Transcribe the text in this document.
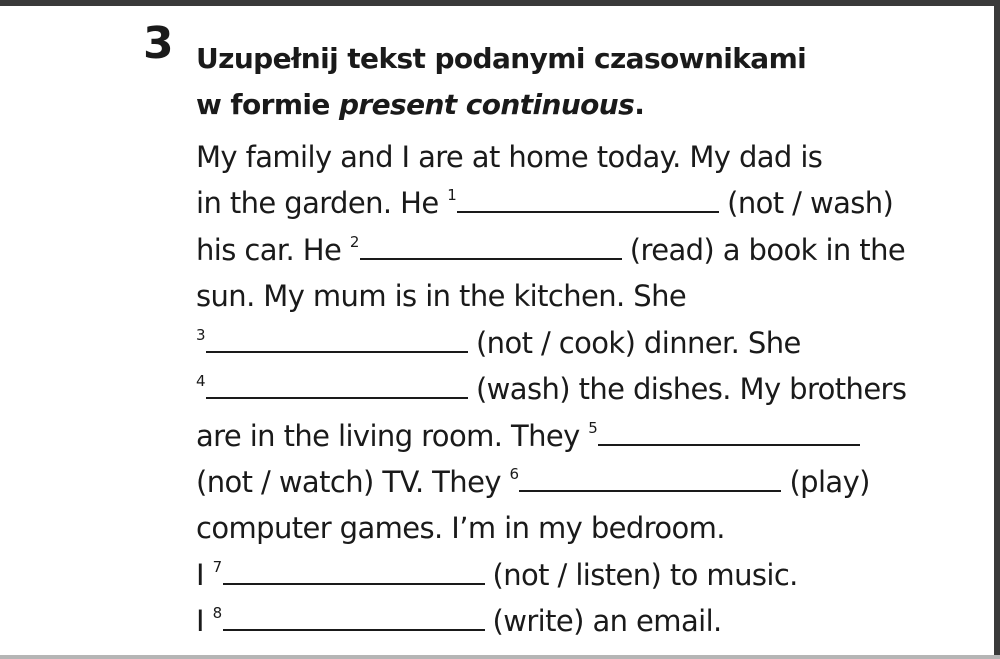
3 Uzupełnij tekst podanymi czasownikami
w formie present continuous.
My family and I are at home today. My dad is
in the garden. He 1	(not / wash)
his car. He 2	(read) a book in the
sun. My mum is in the kitchen. She
3	(not / cook) dinner. She
4	(wash) the dishes. My brothers
are in the living room. They 5
(not / watch) TV. They 6	(play)
computer games. I’m in my bedroom.
I 7	(not / listen) to music.
I 8	(write) an email.
